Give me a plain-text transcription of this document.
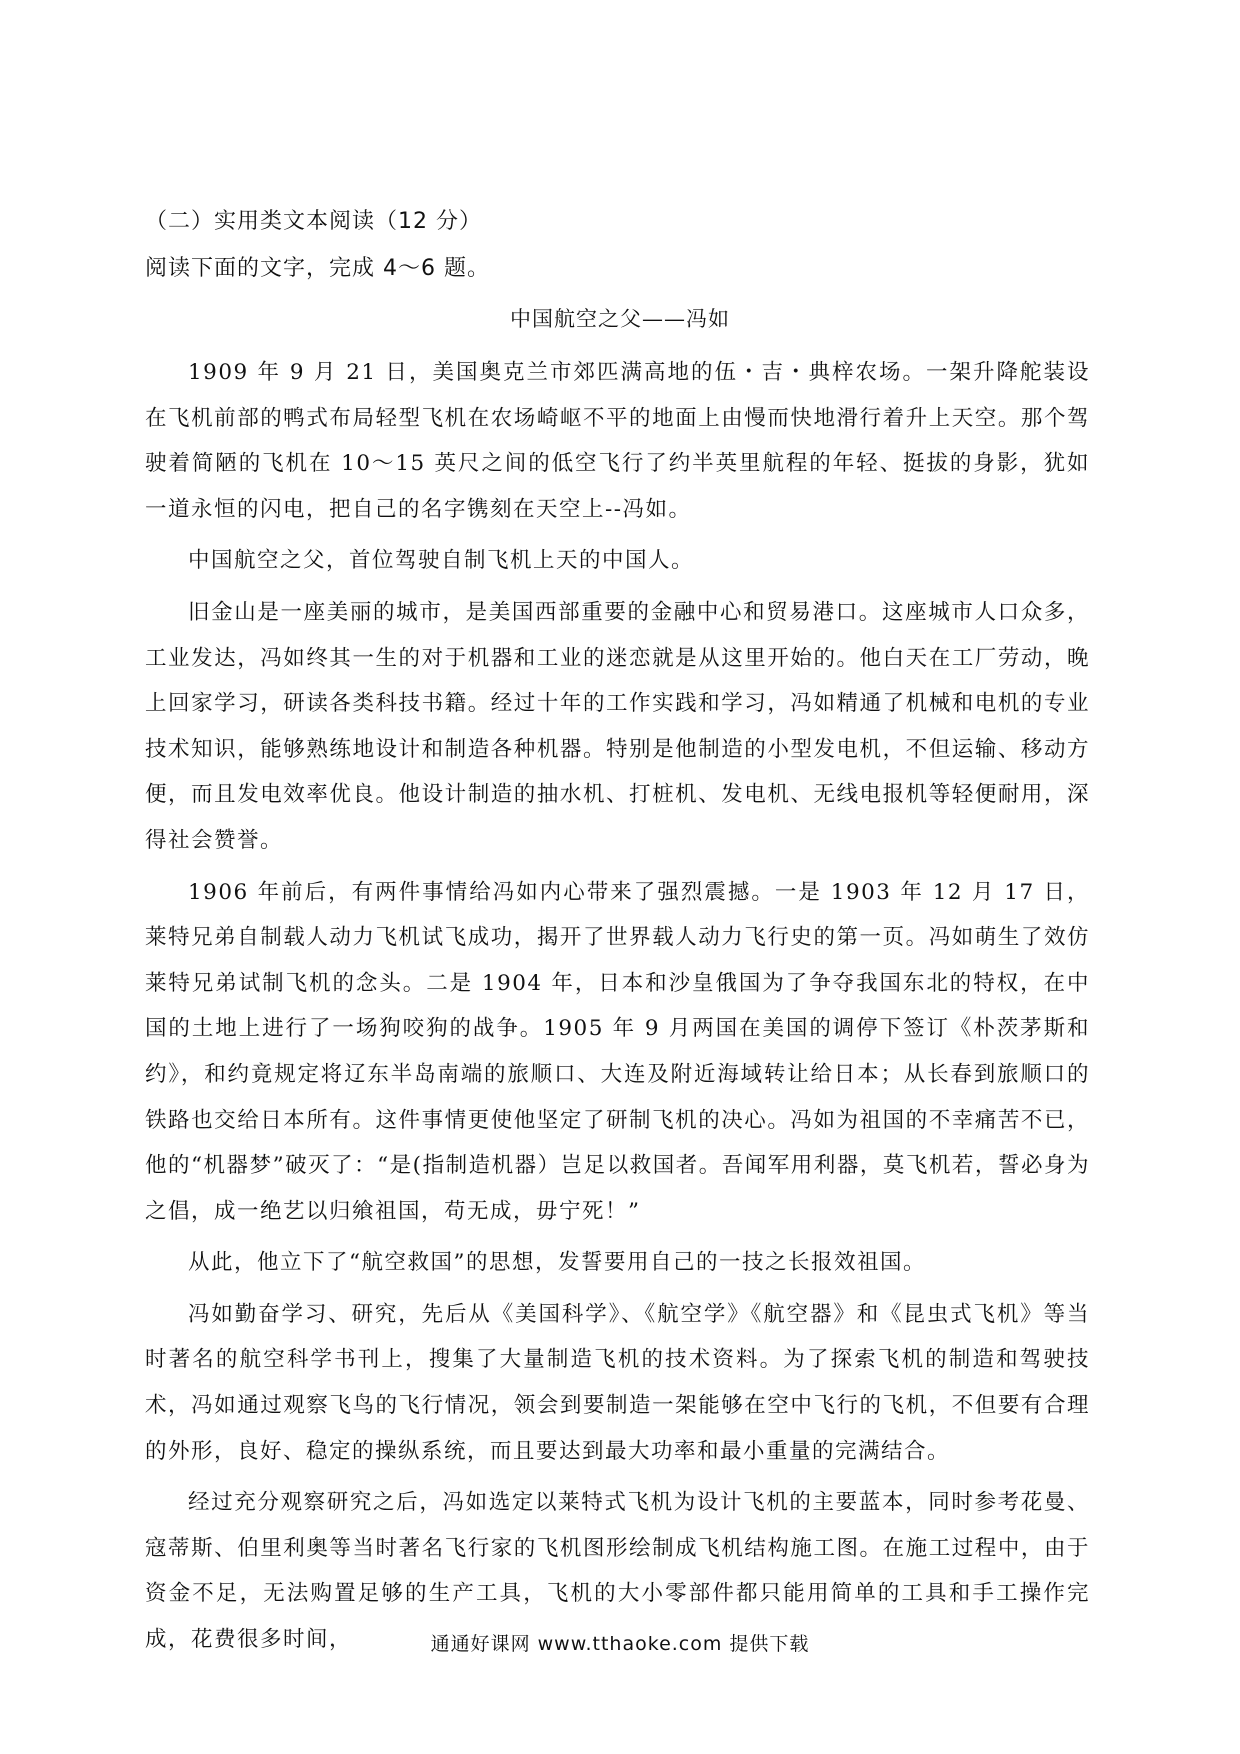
（二）实用类文本阅读（12 分）
阅读下面的文字，完成 4～6 题。
中国航空之父——冯如

1909 年 9 月 21 日，美国奥克兰市郊匹满高地的伍・吉・典梓农场。一架升降舵装设在飞机前部的鸭式布局轻型飞机在农场崎岖不平的地面上由慢而快地滑行着升上天空。那个驾驶着简陋的飞机在 10～15 英尺之间的低空飞行了约半英里航程的年轻、挺拔的身影，犹如一道永恒的闪电，把自己的名字镌刻在天空上--冯如。

中国航空之父，首位驾驶自制飞机上天的中国人。

旧金山是一座美丽的城市，是美国西部重要的金融中心和贸易港口。这座城市人口众多，工业发达，冯如终其一生的对于机器和工业的迷恋就是从这里开始的。他白天在工厂劳动，晚上回家学习，研读各类科技书籍。经过十年的工作实践和学习，冯如精通了机械和电机的专业技术知识，能够熟练地设计和制造各种机器。特别是他制造的小型发电机，不但运输、移动方便，而且发电效率优良。他设计制造的抽水机、打桩机、发电机、无线电报机等轻便耐用，深得社会赞誉。

1906 年前后，有两件事情给冯如内心带来了强烈震撼。一是 1903 年 12 月 17 日，莱特兄弟自制载人动力飞机试飞成功，揭开了世界载人动力飞行史的第一页。冯如萌生了效仿莱特兄弟试制飞机的念头。二是 1904 年，日本和沙皇俄国为了争夺我国东北的特权，在中国的土地上进行了一场狗咬狗的战争。1905 年 9 月两国在美国的调停下签订《朴茨茅斯和约》，和约竟规定将辽东半岛南端的旅顺口、大连及附近海域转让给日本；从长春到旅顺口的铁路也交给日本所有。这件事情更使他坚定了研制飞机的决心。冯如为祖国的不幸痛苦不已，他的“机器梦”破灭了：“是(指制造机器）岂足以救国者。吾闻军用利器，莫飞机若，誓必身为之倡，成一绝艺以归飨祖国，苟无成，毋宁死！”

从此，他立下了“航空救国”的思想，发誓要用自己的一技之长报效祖国。

冯如勤奋学习、研究，先后从《美国科学》、《航空学》《航空器》和《昆虫式飞机》等当时著名的航空科学书刊上，搜集了大量制造飞机的技术资料。为了探索飞机的制造和驾驶技术，冯如通过观察飞鸟的飞行情况，领会到要制造一架能够在空中飞行的飞机，不但要有合理的外形，良好、稳定的操纵系统，而且要达到最大功率和最小重量的完满结合。

经过充分观察研究之后，冯如选定以莱特式飞机为设计飞机的主要蓝本，同时参考花曼、寇蒂斯、伯里利奥等当时著名飞行家的飞机图形绘制成飞机结构施工图。在施工过程中，由于资金不足，无法购置足够的生产工具，飞机的大小零部件都只能用简单的工具和手工操作完成，花费很多时间，	通通好课网 www.tthaoke.com 提供下载
